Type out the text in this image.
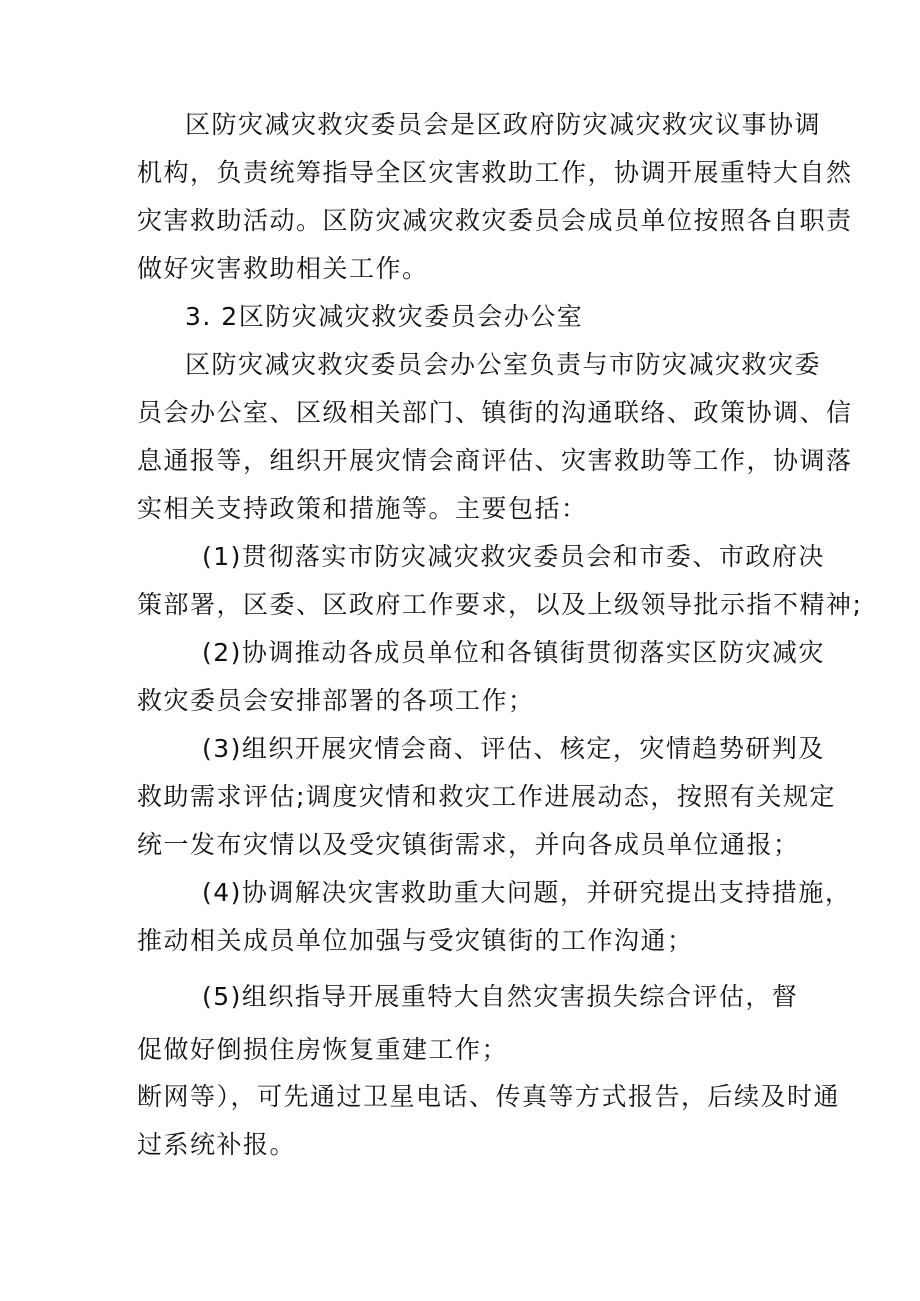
区防灾减灾救灾委员会是区政府防灾减灾救灾议事协调
机构，负责统筹指导全区灾害救助工作，协调开展重特大自然
灾害救助活动。区防灾减灾救灾委员会成员单位按照各自职责
做好灾害救助相关工作。
3. 2区防灾减灾救灾委员会办公室
区防灾减灾救灾委员会办公室负责与市防灾减灾救灾委
员会办公室、区级相关部门、镇街的沟通联络、政策协调、信
息通报等，组织开展灾情会商评估、灾害救助等工作，协调落
实相关支持政策和措施等。主要包括：
(1)贯彻落实市防灾减灾救灾委员会和市委、市政府决
策部署，区委、区政府工作要求，以及上级领导批示指不精神;
(2)协调推动各成员单位和各镇街贯彻落实区防灾减灾
救灾委员会安排部署的各项工作；
(3)组织开展灾情会商、评估、核定，灾情趋势研判及
救助需求评估;调度灾情和救灾工作进展动态，按照有关规定
统一发布灾情以及受灾镇街需求，并向各成员单位通报；
(4)协调解决灾害救助重大问题，并研究提出支持措施，
推动相关成员单位加强与受灾镇街的工作沟通；
(5)组织指导开展重特大自然灾害损失综合评估，督
促做好倒损住房恢复重建工作；
断网等），可先通过卫星电话、传真等方式报告，后续及时通
过系统补报。
